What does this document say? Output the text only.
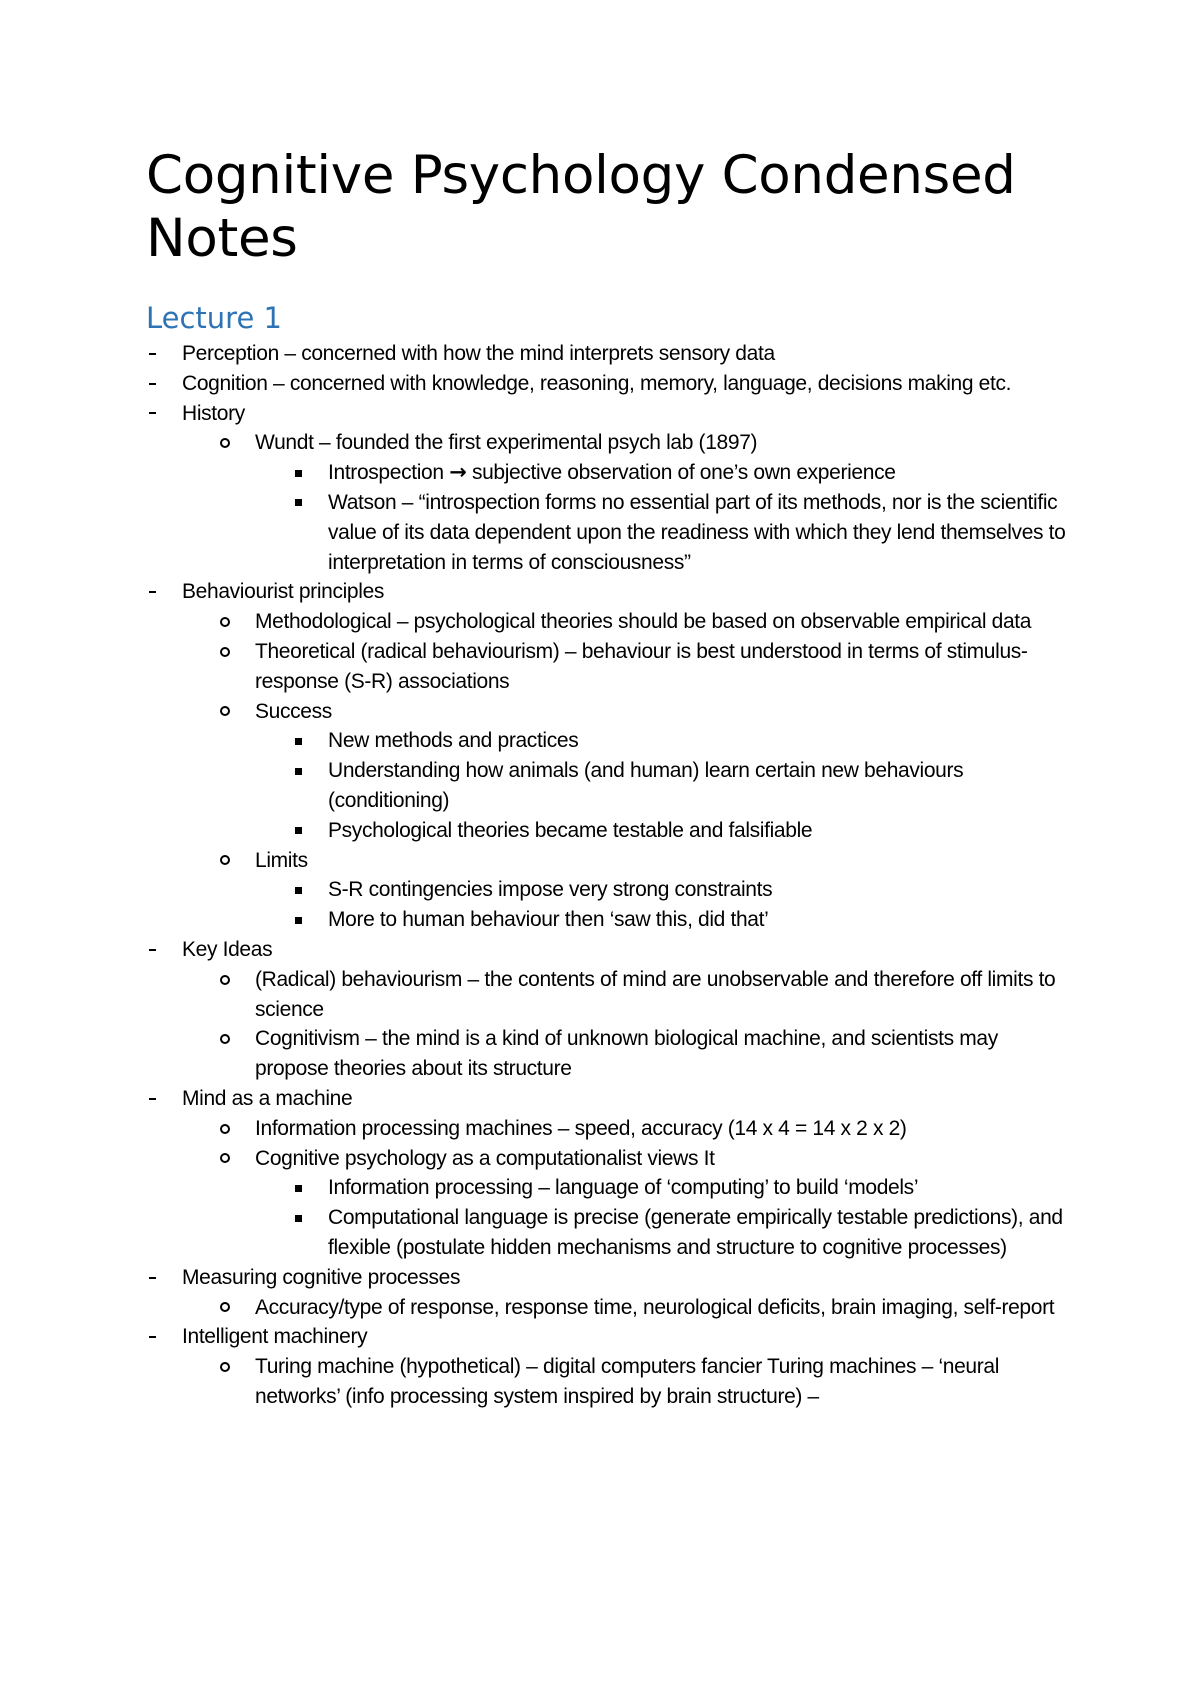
Cognitive Psychology Condensed Notes
Lecture 1
Perception – concerned with how the mind interprets sensory data
Cognition – concerned with knowledge, reasoning, memory, language, decisions making etc.
History
Wundt – founded the first experimental psych lab (1897)
Introspection → subjective observation of one’s own experience
Watson – “introspection forms no essential part of its methods, nor is the scientific value of its data dependent upon the readiness with which they lend themselves to interpretation in terms of consciousness”
Behaviourist principles
Methodological – psychological theories should be based on observable empirical data
Theoretical (radical behaviourism) – behaviour is best understood in terms of stimulus-response (S-R) associations
Success
New methods and practices
Understanding how animals (and human) learn certain new behaviours (conditioning)
Psychological theories became testable and falsifiable
Limits
S-R contingencies impose very strong constraints
More to human behaviour then ‘saw this, did that’
Key Ideas
(Radical) behaviourism – the contents of mind are unobservable and therefore off limits to science
Cognitivism – the mind is a kind of unknown biological machine, and scientists may propose theories about its structure
Mind as a machine
Information processing machines – speed, accuracy (14 x 4 = 14 x 2 x 2)
Cognitive psychology as a computationalist views It
Information processing – language of ‘computing’ to build ‘models’
Computational language is precise (generate empirically testable predictions), and flexible (postulate hidden mechanisms and structure to cognitive processes)
Measuring cognitive processes
Accuracy/type of response, response time, neurological deficits, brain imaging, self-report
Intelligent machinery
Turing machine (hypothetical) – digital computers fancier Turing machines – ‘neural networks’ (info processing system inspired by brain structure) –
